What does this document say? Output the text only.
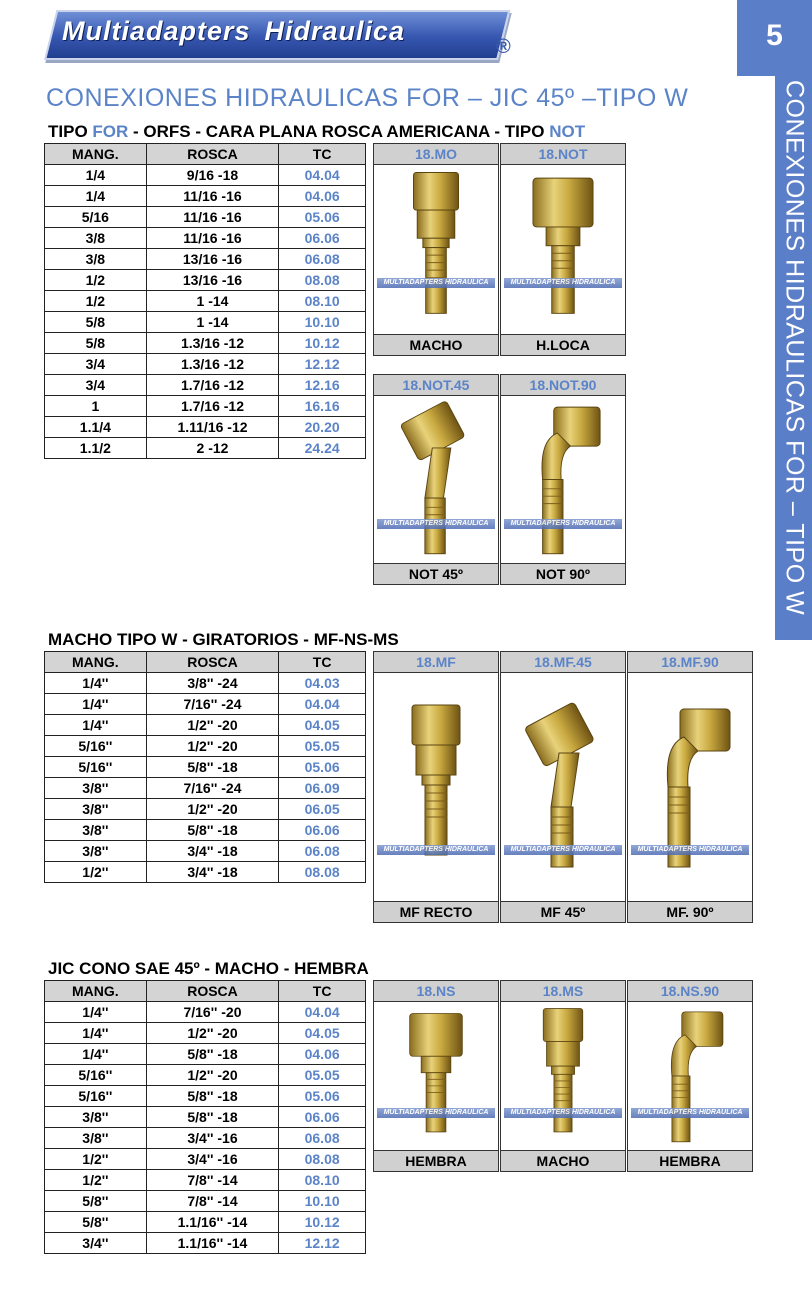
Multiadapters Hidraulica
®	5
CONEXIONES HIDRAULICAS FOR – TIPO W
CONEXIONES HIDRAULICAS FOR – JIC 45º –TIPO W
TIPO FOR - ORFS - CARA PLANA ROSCA AMERICANA - TIPO NOT
MANG.	ROSCA	TC
1/4	9/16 -18	04.04
1/4	11/16 -16	04.06
5/16	11/16 -16	05.06
3/8	11/16 -16	06.06
3/8	13/16 -16	06.08
1/2	13/16 -16	08.08
1/2	1 -14	08.10
5/8	1 -14	10.10
5/8	1.3/16 -12	10.12
3/4	1.3/16 -12	12.12
3/4	1.7/16 -12	12.16
1	1.7/16 -12	16.16
1.1/4	1.11/16 -12	20.20
1.1/2	2 -12	24.24
MACHO TIPO W - GIRATORIOS - MF-NS-MS
MANG.	ROSCA	TC
1/4''	3/8'' -24	04.03
1/4''	7/16'' -24	04.04
1/4''	1/2'' -20	04.05
5/16''	1/2'' -20	05.05
5/16''	5/8'' -18	05.06
3/8''	7/16'' -24	06.09
3/8''	1/2'' -20	06.05
3/8''	5/8'' -18	06.06
3/8''	3/4'' -18	06.08
1/2''	3/4'' -18	08.08
JIC CONO SAE 45º - MACHO - HEMBRA
MANG.	ROSCA	TC
1/4''	7/16'' -20	04.04
1/4''	1/2'' -20	04.05
1/4''	5/8'' -18	04.06
5/16''	1/2'' -20	05.05
5/16''	5/8'' -18	05.06
3/8''	5/8'' -18	06.06
3/8''	3/4'' -16	06.08
1/2''	3/4'' -16	08.08
1/2''	7/8'' -14	08.10
5/8''	7/8'' -14	10.10
5/8''	1.1/16'' -14	10.12
3/4''	1.1/16'' -14	12.12
18.MO
MULTIADAPTERS HIDRAULICA
MACHO
18.NOT
MULTIADAPTERS HIDRAULICA
H.LOCA
18.NOT.45
MULTIADAPTERS HIDRAULICA
NOT 45º
18.NOT.90
MULTIADAPTERS HIDRAULICA
NOT 90º
18.MF
MULTIADAPTERS HIDRAULICA
MF RECTO
18.MF.45
MULTIADAPTERS HIDRAULICA
MF 45º
18.MF.90
MULTIADAPTERS HIDRAULICA
MF. 90º
18.NS
MULTIADAPTERS HIDRAULICA
HEMBRA
18.MS
MULTIADAPTERS HIDRAULICA
MACHO
18.NS.90
MULTIADAPTERS HIDRAULICA
HEMBRA
